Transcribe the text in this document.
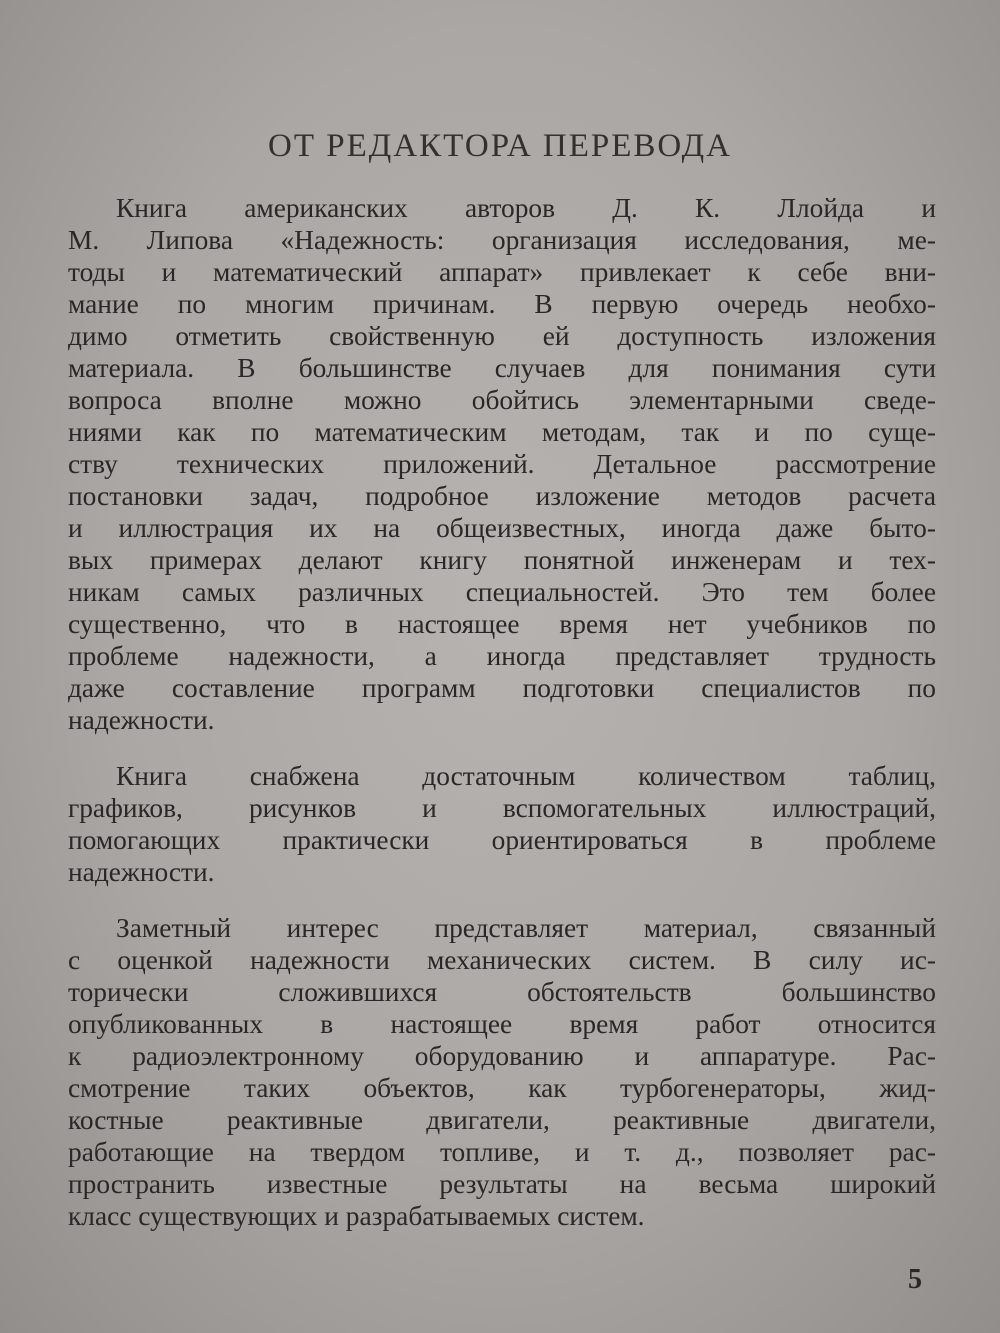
ОТ РЕДАКТОРА ПЕРЕВОДА
Книга американских авторов Д. К. Ллойда и
М. Липова «Надежность: организация исследования, ме-
тоды и математический аппарат» привлекает к себе вни-
мание по многим причинам. В первую очередь необхо-
димо отметить свойственную ей доступность изложения
материала. В большинстве случаев для понимания сути
вопроса вполне можно обойтись элементарными сведе-
ниями как по математическим методам, так и по суще-
ству технических приложений. Детальное рассмотрение
постановки задач, подробное изложение методов расчета
и иллюстрация их на общеизвестных, иногда даже быто-
вых примерах делают книгу понятной инженерам и тех-
никам самых различных специальностей. Это тем более
существенно, что в настоящее время нет учебников по
проблеме надежности, а иногда представляет трудность
даже составление программ подготовки специалистов по
надежности.
Книга снабжена достаточным количеством таблиц,
графиков, рисунков и вспомогательных иллюстраций,
помогающих практически ориентироваться в проблеме
надежности.
Заметный интерес представляет материал, связанный
с оценкой надежности механических систем. В силу ис-
торически сложившихся обстоятельств большинство
опубликованных в настоящее время работ относится
к радиоэлектронному оборудованию и аппаратуре. Рас-
смотрение таких объектов, как турбогенераторы, жид-
костные реактивные двигатели, реактивные двигатели,
работающие на твердом топливе, и т. д., позволяет рас-
пространить известные результаты на весьма широкий
класс существующих и разрабатываемых систем.
5
